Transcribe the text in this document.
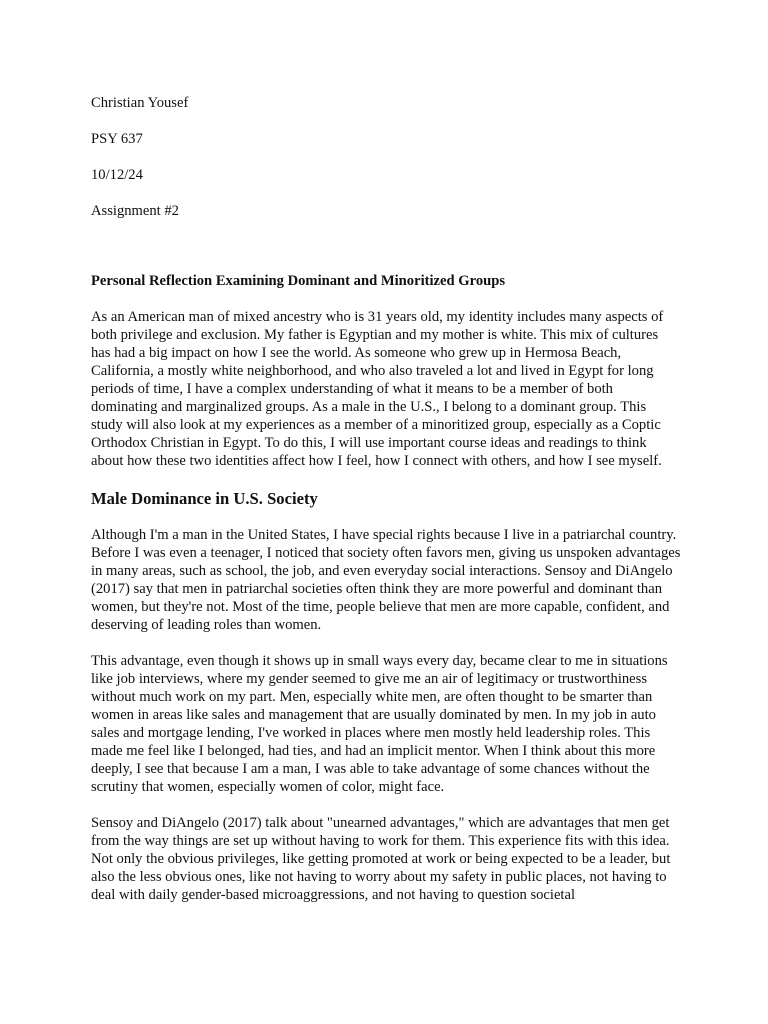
Christian Yousef

PSY 637

10/12/24

Assignment #2

Personal Reflection Examining Dominant and Minoritized Groups

As an American man of mixed ancestry who is 31 years old, my identity includes many aspects of both privilege and exclusion. My father is Egyptian and my mother is white. This mix of cultures has had a big impact on how I see the world. As someone who grew up in Hermosa Beach, California, a mostly white neighborhood, and who also traveled a lot and lived in Egypt for long periods of time, I have a complex understanding of what it means to be a member of both dominating and marginalized groups. As a male in the U.S., I belong to a dominant group. This study will also look at my experiences as a member of a minoritized group, especially as a Coptic Orthodox Christian in Egypt. To do this, I will use important course ideas and readings to think about how these two identities affect how I feel, how I connect with others, and how I see myself.

Male Dominance in U.S. Society

Although I'm a man in the United States, I have special rights because I live in a patriarchal country. Before I was even a teenager, I noticed that society often favors men, giving us unspoken advantages in many areas, such as school, the job, and even everyday social interactions. Sensoy and DiAngelo (2017) say that men in patriarchal societies often think they are more powerful and dominant than women, but they're not. Most of the time, people believe that men are more capable, confident, and deserving of leading roles than women.

This advantage, even though it shows up in small ways every day, became clear to me in situations like job interviews, where my gender seemed to give me an air of legitimacy or trustworthiness without much work on my part. Men, especially white men, are often thought to be smarter than women in areas like sales and management that are usually dominated by men. In my job in auto sales and mortgage lending, I've worked in places where men mostly held leadership roles. This made me feel like I belonged, had ties, and had an implicit mentor. When I think about this more deeply, I see that because I am a man, I was able to take advantage of some chances without the scrutiny that women, especially women of color, might face.

Sensoy and DiAngelo (2017) talk about "unearned advantages," which are advantages that men get from the way things are set up without having to work for them. This experience fits with this idea. Not only the obvious privileges, like getting promoted at work or being expected to be a leader, but also the less obvious ones, like not having to worry about my safety in public places, not having to deal with daily gender-based microaggressions, and not having to question societal
